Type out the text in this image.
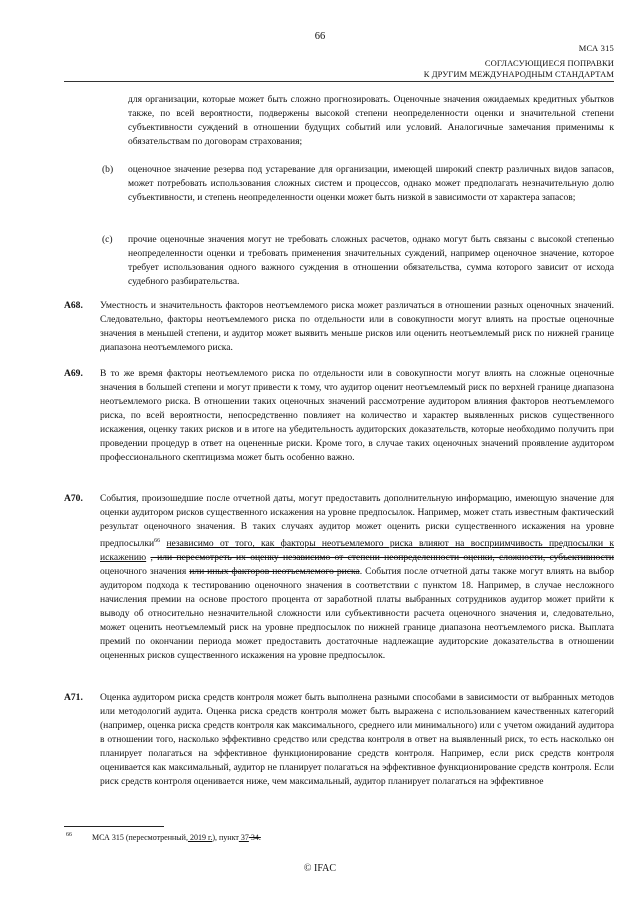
66
МСА 315
СОГЛАСУЮЩИЕСЯ ПОПРАВКИ
К ДРУГИМ МЕЖДУНАРОДНЫМ СТАНДАРТАМ
для организации, которые может быть сложно прогнозировать. Оценочные значения ожидаемых кредитных убытков также, по всей вероятности, подвержены высокой степени неопределенности оценки и значительной степени субъективности суждений в отношении будущих событий или условий. Аналогичные замечания применимы к обязательствам по договорам страхования;
(b) оценочное значение резерва под устаревание для организации, имеющей широкий спектр различных видов запасов, может потребовать использования сложных систем и процессов, однако может предполагать незначительную долю субъективности, и степень неопределенности оценки может быть низкой в зависимости от характера запасов;
(c) прочие оценочные значения могут не требовать сложных расчетов, однако могут быть связаны с высокой степенью неопределенности оценки и требовать применения значительных суждений, например оценочное значение, которое требует использования одного важного суждения в отношении обязательства, сумма которого зависит от исхода судебного разбирательства.
A68. Уместность и значительность факторов неотъемлемого риска может различаться в отношении разных оценочных значений. Следовательно, факторы неотъемлемого риска по отдельности или в совокупности могут влиять на простые оценочные значения в меньшей степени, и аудитор может выявить меньше рисков или оценить неотъемлемый риск по нижней границе диапазона неотъемлемого риска.
A69. В то же время факторы неотъемлемого риска по отдельности или в совокупности могут влиять на сложные оценочные значения в большей степени и могут привести к тому, что аудитор оценит неотъемлемый риск по верхней границе диапазона неотъемлемого риска. В отношении таких оценочных значений рассмотрение аудитором влияния факторов неотъемлемого риска, по всей вероятности, непосредственно повлияет на количество и характер выявленных рисков существенного искажения, оценку таких рисков и в итоге на убедительность аудиторских доказательств, которые необходимо получить при проведении процедур в ответ на оцененные риски. Кроме того, в случае таких оценочных значений проявление аудитором профессионального скептицизма может быть особенно важно.
A70. События, произошедшие после отчетной даты, могут предоставить дополнительную информацию, имеющую значение для оценки аудитором рисков существенного искажения на уровне предпосылок. Например, может стать известным фактический результат оценочного значения. В таких случаях аудитор может оценить риски существенного искажения на уровне предпосылки$^{66}$ независимо от того, как факторы неотъемлемого риска влияют на восприимчивость предпосылки к искажению , или пересмотреть их оценку независимо от степени неопределенности оценки, сложности, субъективности оценочного значения или иных факторов неотъемлемого риска. События после отчетной даты также могут влиять на выбор аудитором подхода к тестированию оценочного значения в соответствии с пунктом 18. Например, в случае несложного начисления премии на основе простого процента от заработной платы выбранных сотрудников аудитор может прийти к выводу об относительно незначительной сложности или субъективности расчета оценочного значения и, следовательно, может оценить неотъемлемый риск на уровне предпосылок по нижней границе диапазона неотъемлемого риска. Выплата премий по окончании периода может предоставить достаточные надлежащие аудиторские доказательства в отношении оцененных рисков существенного искажения на уровне предпосылок.
A71. Оценка аудитором риска средств контроля может быть выполнена разными способами в зависимости от выбранных методов или методологий аудита. Оценка риска средств контроля может быть выражена с использованием качественных категорий (например, оценка риска средств контроля как максимального, среднего или минимального) или с учетом ожиданий аудитора в отношении того, насколько эффективно средство или средства контроля в ответ на выявленный риск, то есть насколько он планирует полагаться на эффективное функционирование средств контроля. Например, если риск средств контроля оценивается как максимальный, аудитор не планирует полагаться на эффективное функционирование средств контроля. Если риск средств контроля оценивается ниже, чем максимальный, аудитор планирует полагаться на эффективное
66	МСА 315 (пересмотренный, 2019 г.), пункт 37 34.
© IFAC
